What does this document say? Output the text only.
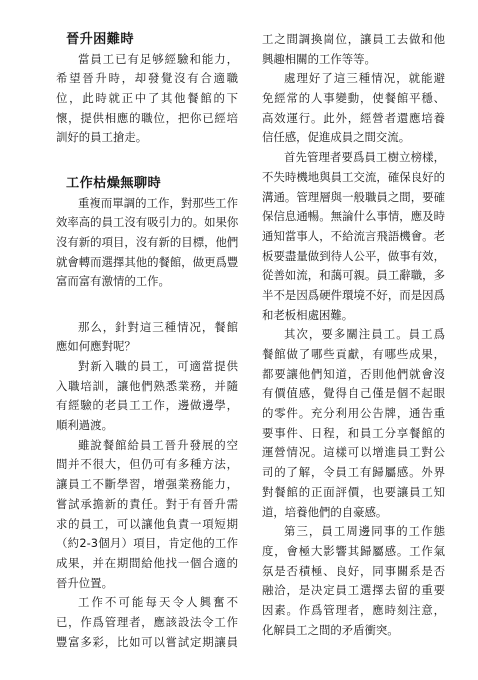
晉升困難時
當員工已有足够經驗和能力，
希望晉升時，却發覺沒有合適職
位，此時就正中了其他餐館的下
懷，提供相應的職位，把你已經培
訓好的員工搶走。
工作枯燥無聊時
重複而單調的工作，對那些工作
效率高的員工沒有吸引力的。如果你
沒有新的項目，沒有新的目標，他們
就會轉而選擇其他的餐館，做更爲豐
富而富有激情的工作。
那么，針對這三種情况，餐館
應如何應對呢？
對新入職的員工，可適當提供
入職培訓，讓他們熟悉業務，并隨
有經驗的老員工工作，邊做邊學，
順利過渡。
雖說餐館給員工晉升發展的空
間并不很大，但仍可有多種方法，
讓員工不斷學習，增强業務能力，
嘗試承擔新的責任。對于有晉升需
求的員工，可以讓他負責一項短期
（約2-3個月）項目，肯定他的工作
成果，并在期間給他找一個合適的
晉升位置。
工作不可能每天令人興奮不
已，作爲管理者，應該設法令工作
豐富多彩，比如可以嘗試定期讓員
工之間調換崗位，讓員工去做和他
興趣相關的工作等等。
處理好了這三種情况，就能避
免經常的人事變動，使餐館平穩、
高效運行。此外，經營者還應培養
信任感，促進成員之間交流。
首先管理者要爲員工樹立榜樣，
不失時機地與員工交流，確保良好的
溝通。管理層與一般職員之間，要確
保信息通暢。無論什么事情，應及時
通知當事人，不給流言飛語機會。老
板要盡量做到待人公平，做事有效，
從善如流，和藹可親。員工辭職，多
半不是因爲硬件環境不好，而是因爲
和老板相處困難。
其次，要多關注員工。員工爲
餐館做了哪些貢獻，有哪些成果，
都要讓他們知道，否則他們就會沒
有價值感，覺得自己僅是個不起眼
的零件。充分利用公告牌，通告重
要事件、日程，和員工分享餐館的
運營情况。這樣可以增進員工對公
司的了解，令員工有歸屬感。外界
對餐館的正面評價，也要讓員工知
道，培養他們的自豪感。
第三，員工周邊同事的工作態
度，會極大影響其歸屬感。工作氣
氛是否積極、良好，同事關系是否
融洽，是决定員工選擇去留的重要
因素。作爲管理者，應時刻注意，
化解員工之間的矛盾衝突。
